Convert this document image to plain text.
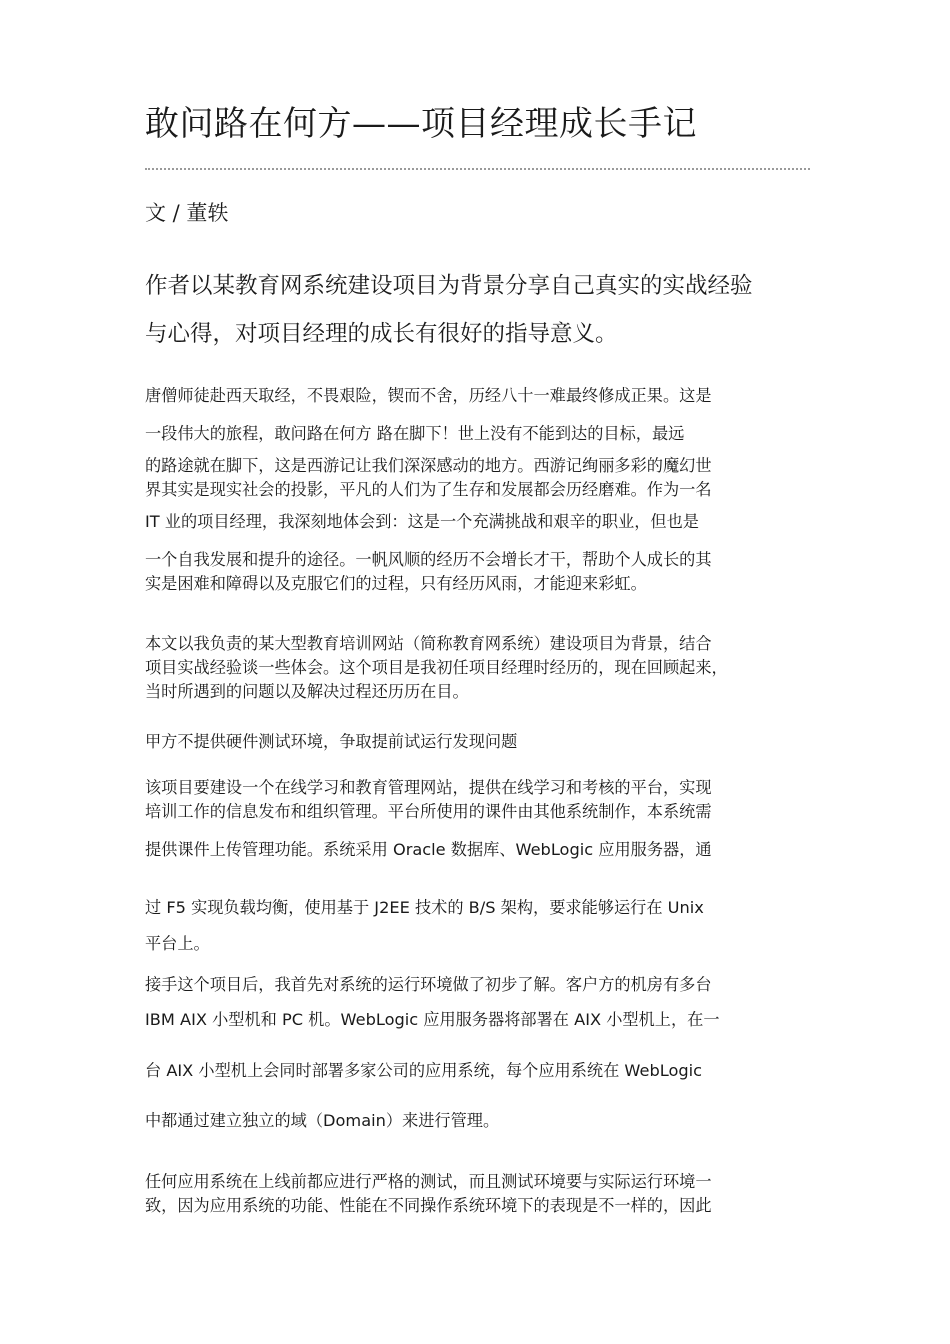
敢问路在何方——项目经理成长手记
文 / 董轶
作者以某教育网系统建设项目为背景分享自己真实的实战经验
与心得，对项目经理的成长有很好的指导意义。
唐僧师徒赴西天取经，不畏艰险，锲而不舍，历经八十一难最终修成正果。这是
一段伟大的旅程，敢问路在何方 路在脚下！世上没有不能到达的目标，最远
的路途就在脚下，这是西游记让我们深深感动的地方。西游记绚丽多彩的魔幻世
界其实是现实社会的投影，平凡的人们为了生存和发展都会历经磨难。作为一名
IT 业的项目经理，我深刻地体会到：这是一个充满挑战和艰辛的职业，但也是
一个自我发展和提升的途径。一帆风顺的经历不会增长才干，帮助个人成长的其
实是困难和障碍以及克服它们的过程，只有经历风雨，才能迎来彩虹。
本文以我负责的某大型教育培训网站（简称教育网系统）建设项目为背景，结合
项目实战经验谈一些体会。这个项目是我初任项目经理时经历的，现在回顾起来，
当时所遇到的问题以及解决过程还历历在目。
甲方不提供硬件测试环境，争取提前试运行发现问题
该项目要建设一个在线学习和教育管理网站，提供在线学习和考核的平台，实现
培训工作的信息发布和组织管理。平台所使用的课件由其他系统制作，本系统需
提供课件上传管理功能。系统采用 Oracle 数据库、WebLogic 应用服务器，通
过 F5 实现负载均衡，使用基于 J2EE 技术的 B/S 架构，要求能够运行在 Unix
平台上。
接手这个项目后，我首先对系统的运行环境做了初步了解。客户方的机房有多台
IBM AIX 小型机和 PC 机。WebLogic 应用服务器将部署在 AIX 小型机上，在一
台 AIX 小型机上会同时部署多家公司的应用系统，每个应用系统在 WebLogic
中都通过建立独立的域（Domain）来进行管理。
任何应用系统在上线前都应进行严格的测试，而且测试环境要与实际运行环境一
致，因为应用系统的功能、性能在不同操作系统环境下的表现是不一样的，因此
